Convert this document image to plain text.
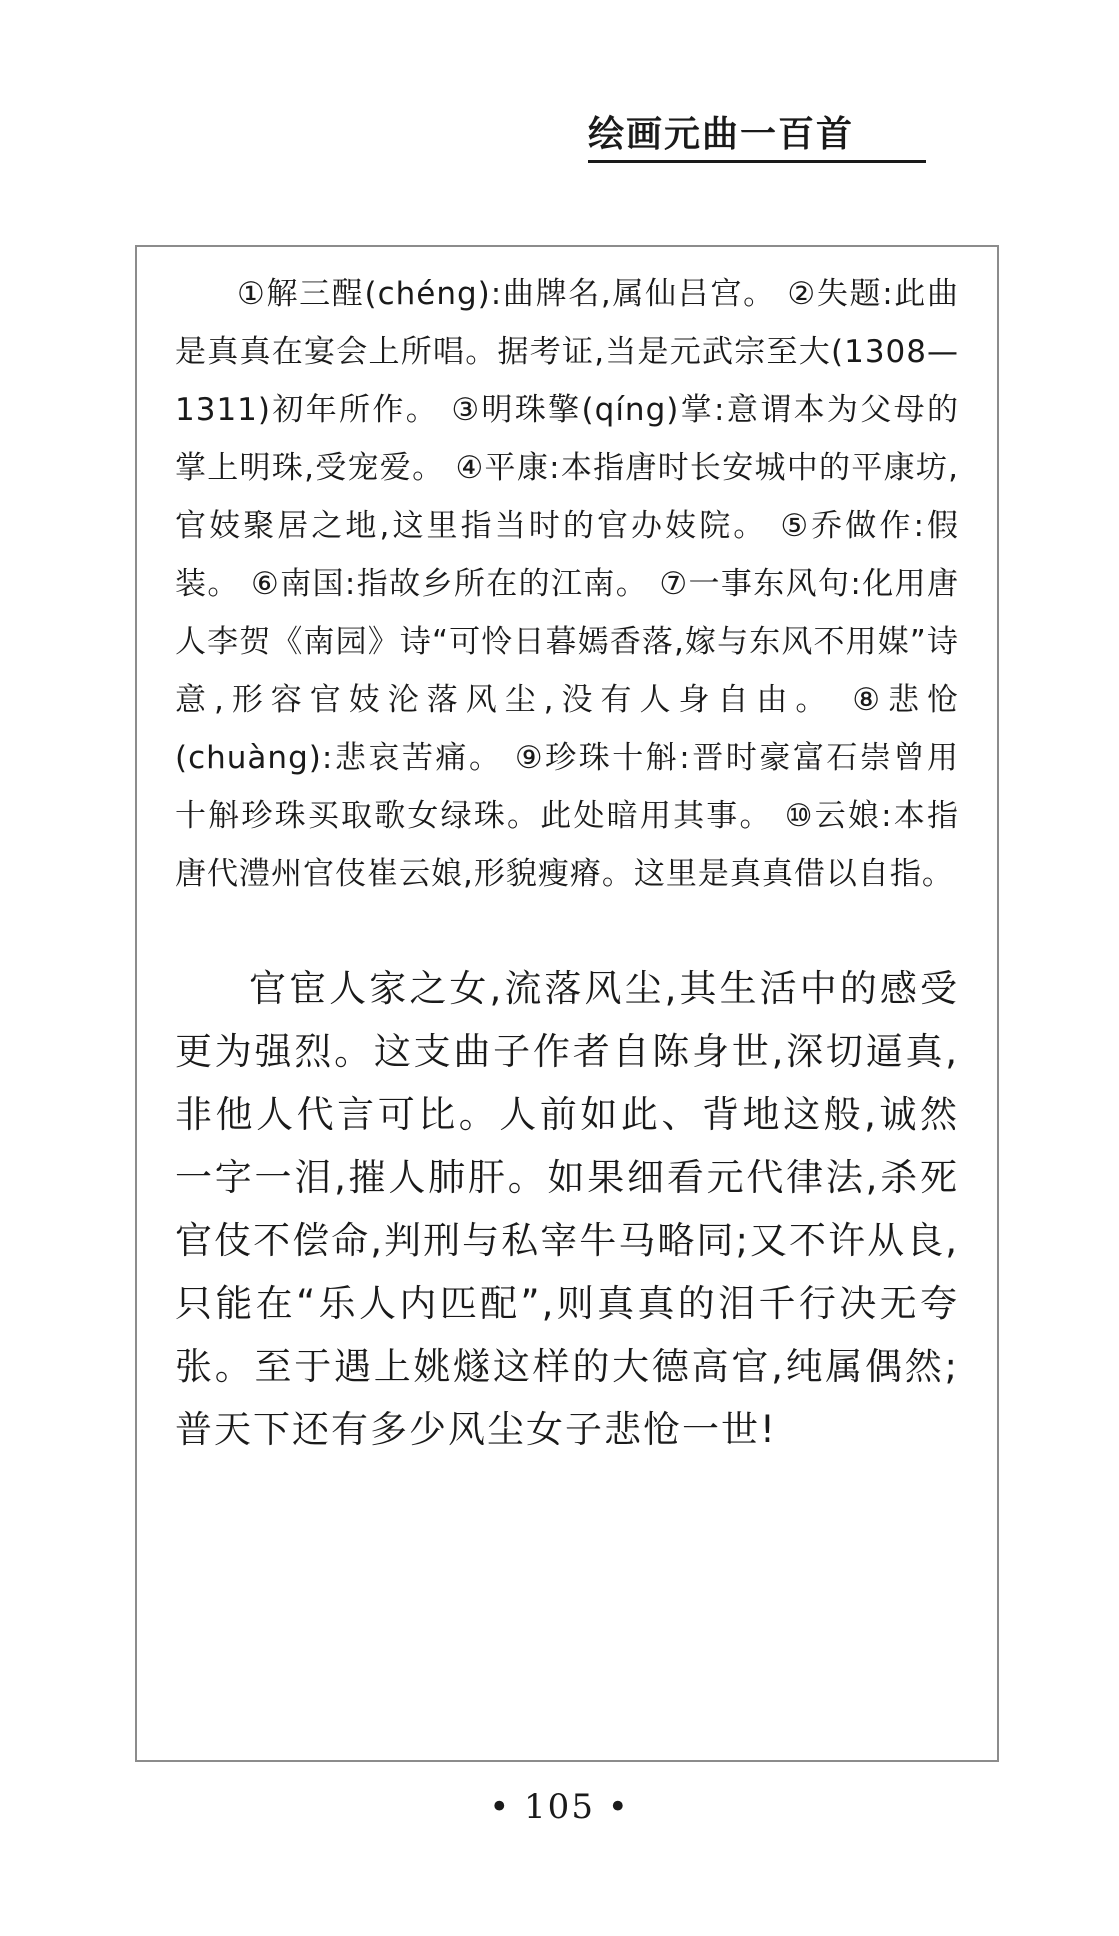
绘画元曲一百首

①解三酲(chéng):曲牌名,属仙吕宫。 ②失题:此曲是真真在宴会上所唱。据考证,当是元武宗至大(1308—1311)初年所作。 ③明珠擎(qíng)掌:意谓本为父母的掌上明珠,受宠爱。 ④平康:本指唐时长安城中的平康坊,官妓聚居之地,这里指当时的官办妓院。 ⑤乔做作:假装。 ⑥南国:指故乡所在的江南。 ⑦一事东风句:化用唐人李贺《南园》诗“可怜日暮嫣香落,嫁与东风不用媒”诗意,形容官妓沦落风尘,没有人身自由。 ⑧悲怆(chuàng):悲哀苦痛。 ⑨珍珠十斛:晋时豪富石崇曾用十斛珍珠买取歌女绿珠。此处暗用其事。 ⑩云娘:本指唐代澧州官伎崔云娘,形貌瘦瘠。这里是真真借以自指。

官宦人家之女,流落风尘,其生活中的感受更为强烈。这支曲子作者自陈身世,深切逼真,非他人代言可比。人前如此、背地这般,诚然一字一泪,摧人肺肝。如果细看元代律法,杀死官伎不偿命,判刑与私宰牛马略同;又不许从良,只能在“乐人内匹配”,则真真的泪千行决无夸张。至于遇上姚燧这样的大德高官,纯属偶然;普天下还有多少风尘女子悲怆一世!

• 105 •
